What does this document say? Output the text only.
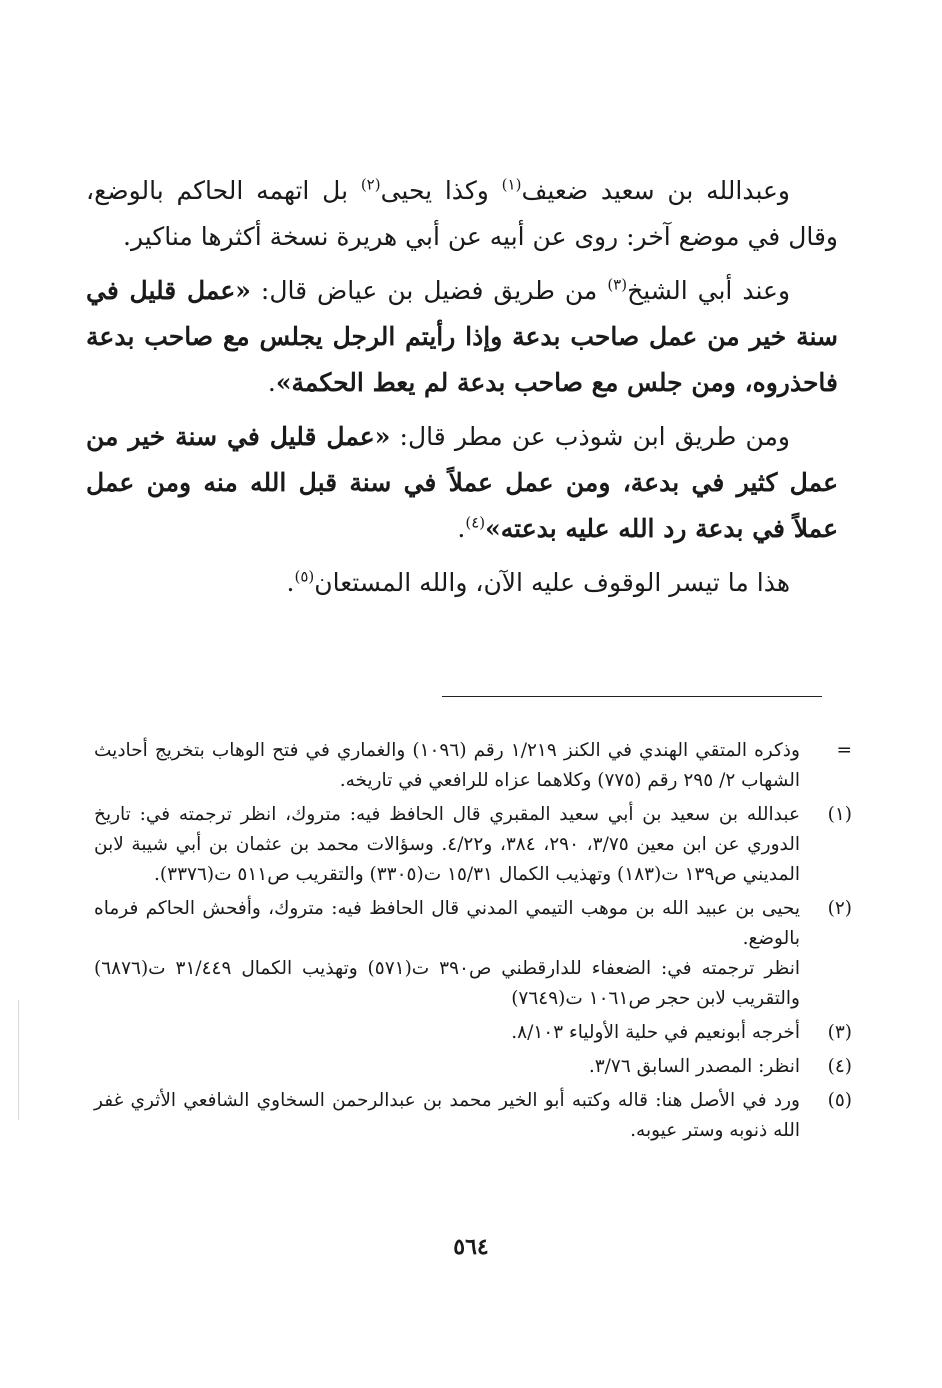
وعبدالله بن سعيد ضعيف$^{(١)}$ وكذا يحيى$^{(٢)}$ بل اتهمه الحاكم بالوضع، وقال في موضع آخر: روى عن أبيه عن أبي هريرة نسخة أكثرها مناكير.

وعند أبي الشيخ$^{(٣)}$ من طريق فضيل بن عياض قال: «عمل قليل في سنة خير من عمل صاحب بدعة وإذا رأيتم الرجل يجلس مع صاحب بدعة فاحذروه، ومن جلس مع صاحب بدعة لم يعط الحكمة».

ومن طريق ابن شوذب عن مطر قال: «عمل قليل في سنة خير من عمل كثير في بدعة، ومن عمل عملاً في سنة قبل الله منه ومن عمل عملاً في بدعة رد الله عليه بدعته»$^{(٤)}$.

هذا ما تيسر الوقوف عليه الآن، والله المستعان$^{(٥)}$.

=

وذكره المتقي الهندي في الكنز ١/٢١٩ رقم (١٠٩٦) والغماري في فتح الوهاب بتخريج أحاديث الشهاب ٢/ ٢٩٥ رقم (٧٧٥) وكلاهما عزاه للرافعي في تاريخه.

(١)

عبدالله بن سعيد بن أبي سعيد المقبري قال الحافظ فيه: متروك، انظر ترجمته في: تاريخ الدوري عن ابن معين ٣/٧٥، ٢٩٠، ٣٨٤، و٤/٢٢. وسؤالات محمد بن عثمان بن أبي شيبة لابن المديني ص١٣٩ ت(١٨٣) وتهذيب الكمال ١٥/٣١ ت(٣٣٠٥) والتقريب ص٥١١ ت(٣٣٧٦).

(٢)

يحيى بن عبيد الله بن موهب التيمي المدني قال الحافظ فيه: متروك، وأفحش الحاكم فرماه بالوضع.

انظر ترجمته في: الضعفاء للدارقطني ص٣٩٠ ت(٥٧١) وتهذيب الكمال ٣١/٤٤٩ ت(٦٨٧٦) والتقريب لابن حجر ص١٠٦١ ت(٧٦٤٩)

(٣)

أخرجه أبونعيم في حلية الأولياء ٨/١٠٣.

(٤)

انظر: المصدر السابق ٣/٧٦.

(٥)

ورد في الأصل هنا: قاله وكتبه أبو الخير محمد بن عبدالرحمن السخاوي الشافعي الأثري غفر الله ذنوبه وستر عيوبه.

٥٦٤
